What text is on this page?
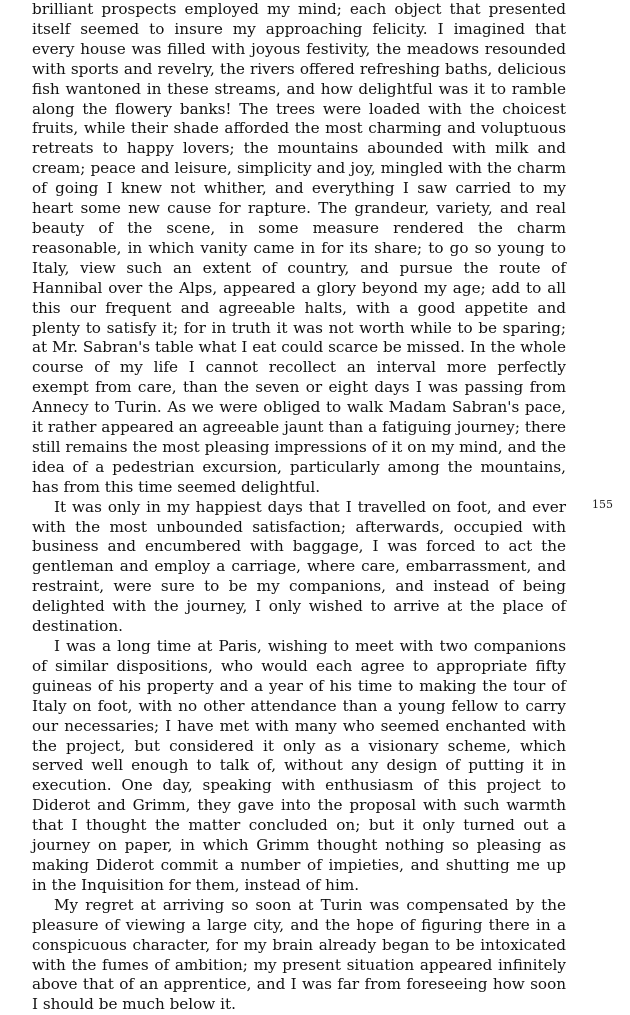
brilliant prospects employed my mind; each object that presented itself seemed to insure my approaching felicity. I imagined that every house was filled with joyous festivity, the meadows resounded with sports and revelry, the rivers offered refreshing baths, delicious fish wantoned in these streams, and how delightful was it to ramble along the flowery banks! The trees were loaded with the choicest fruits, while their shade afforded the most charming and voluptuous retreats to happy lovers; the mountains abounded with milk and cream; peace and leisure, simplicity and joy, mingled with the charm of going I knew not whither, and everything I saw carried to my heart some new cause for rapture. The grandeur, variety, and real beauty of the scene, in some measure rendered the charm reasonable, in which vanity came in for its share; to go so young to Italy, view such an extent of country, and pursue the route of Hannibal over the Alps, appeared a glory beyond my age; add to all this our frequent and agreeable halts, with a good appetite and plenty to satisfy it; for in truth it was not worth while to be sparing; at Mr. Sabran's table what I eat could scarce be missed. In the whole course of my life I cannot recollect an interval more perfectly exempt from care, than the seven or eight days I was passing from Annecy to Turin. As we were obliged to walk Madam Sabran's pace, it rather appeared an agreeable jaunt than a fatiguing journey; there still remains the most pleasing impressions of it on my mind, and the idea of a pedestrian excursion, particularly among the mountains, has from this time seemed delightful.

It was only in my happiest days that I travelled on foot, and ever with the most unbounded satisfaction; afterwards, occupied with business and encumbered with baggage, I was forced to act the gentleman and employ a carriage, where care, embarrassment, and restraint, were sure to be my companions, and instead of being delighted with the journey, I only wished to arrive at the place of destination.

I was a long time at Paris, wishing to meet with two companions of similar dispositions, who would each agree to appropriate fifty guineas of his property and a year of his time to making the tour of Italy on foot, with no other attendance than a young fellow to carry our necessaries; I have met with many who seemed enchanted with the project, but considered it only as a visionary scheme, which served well enough to talk of, without any design of putting it in execution. One day, speaking with enthusiasm of this project to Diderot and Grimm, they gave into the proposal with such warmth that I thought the matter concluded on; but it only turned out a journey on paper, in which Grimm thought nothing so pleasing as making Diderot commit a number of impieties, and shutting me up in the Inquisition for them, instead of him.

My regret at arriving so soon at Turin was compensated by the pleasure of viewing a large city, and the hope of figuring there in a conspicuous character, for my brain already began to be intoxicated with the fumes of ambition; my present situation appeared infinitely above that of an apprentice, and I was far from foreseeing how soon I should be much below it.

155
